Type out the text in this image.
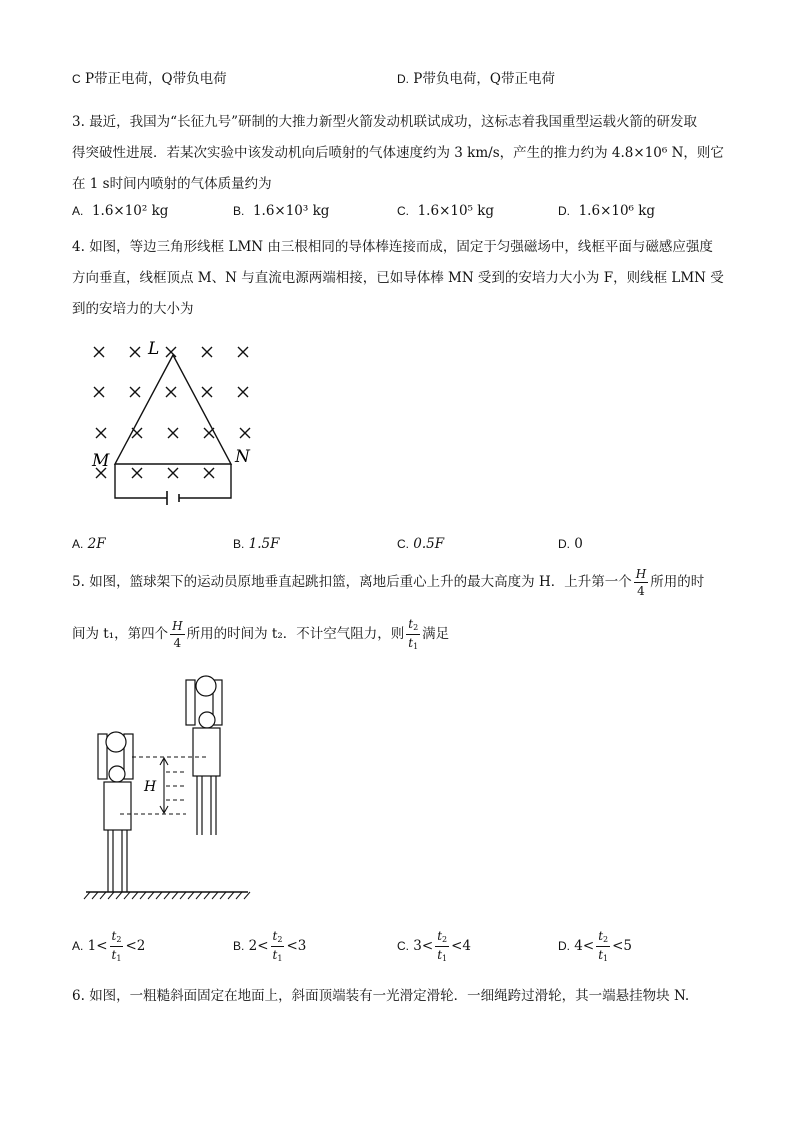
C P带正电荷，Q带负电荷	D. P带负电荷，Q带正电荷
3. 最近，我国为“长征九号”研制的大推力新型火箭发动机联试成功，这标志着我国重型运载火箭的研发取
得突破性进展．若某次实验中该发动机向后喷射的气体速度约为 3 km/s，产生的推力约为 4.8×10⁶ N，则它
在 1 s时间内喷射的气体质量约为
A. 1.6×10² kg	B. 1.6×10³ kg	C. 1.6×10⁵ kg	D. 1.6×10⁶ kg
4. 如图，等边三角形线框 LMN 由三根相同的导体棒连接而成，固定于匀强磁场中，线框平面与磁感应强度
方向垂直，线框顶点 M、N 与直流电源两端相接，已如导体棒 MN 受到的安培力大小为 F，则线框 LMN 受
到的安培力的大小为
L
M	N
A. 2F	B. 1.5F	C. 0.5F	D. 0
5. 如图，篮球架下的运动员原地垂直起跳扣篮，离地后重心上升的最大高度为 H．上升第一个 $\frac{H}{4}$ 所用的时
间为 t₁，第四个 $\frac{H}{4}$ 所用的时间为 t₂．不计空气阻力，则 $\frac{t_2}{t_1}$ 满足
H
A. $1< \frac{t_2}{t_1} <2$	B. $2< \frac{t_2}{t_1} <3$	C. $3< \frac{t_2}{t_1} <4$	D. $4< \frac{t_2}{t_1} <5$
6. 如图，一粗糙斜面固定在地面上，斜面顶端装有一光滑定滑轮．一细绳跨过滑轮，其一端悬挂物块 N.
